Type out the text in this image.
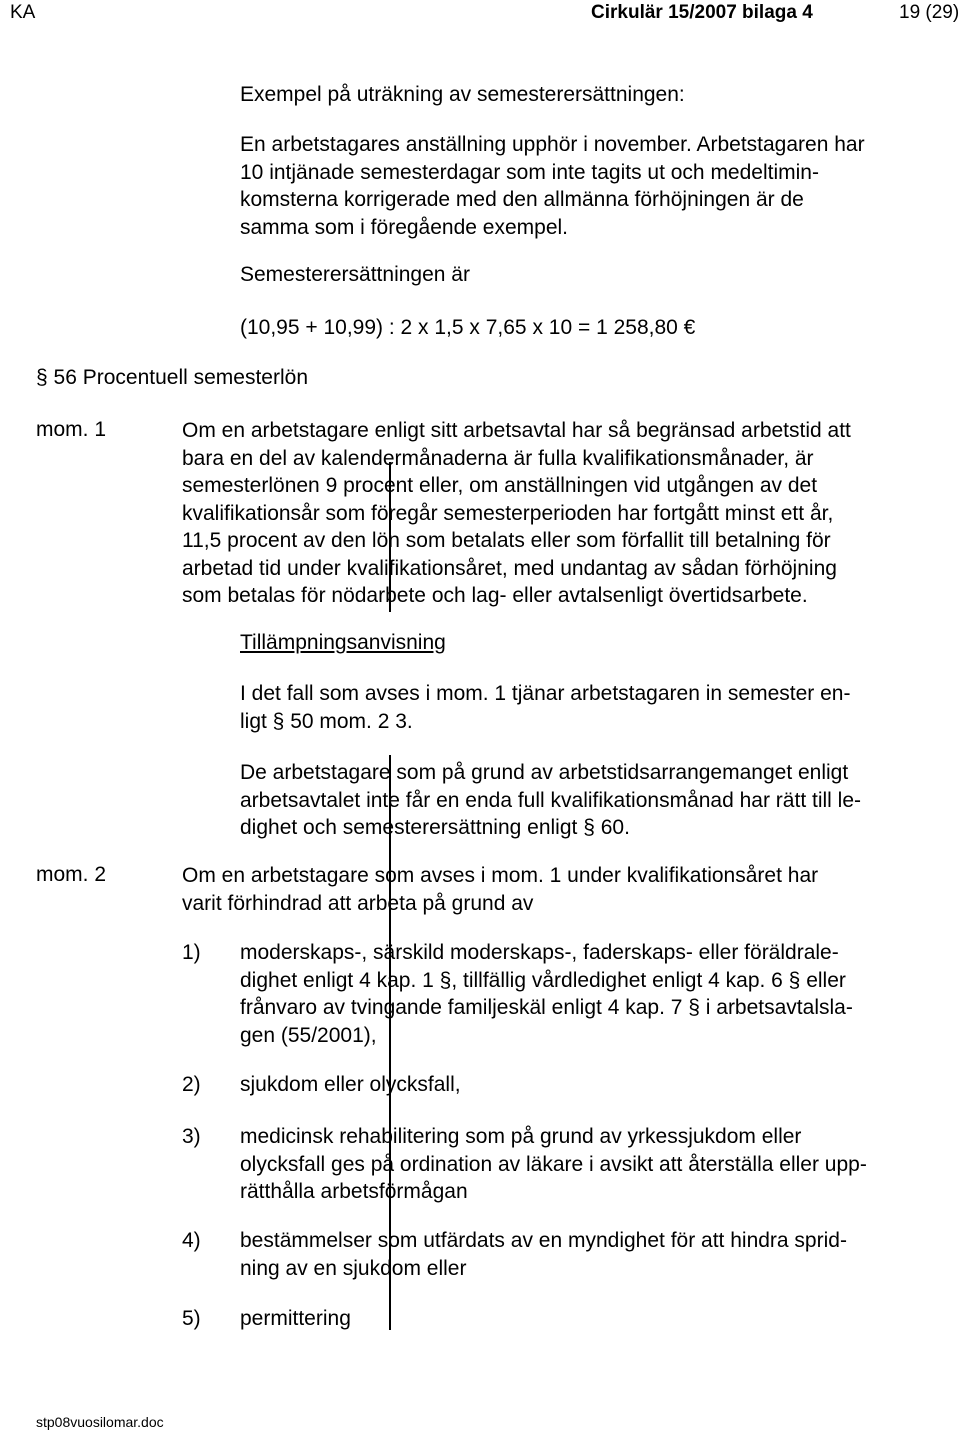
KA	Cirkulär 15/2007 bilaga 4	19 (29)
Exempel på uträkning av semesterersättningen:
En arbetstagares anställning upphör i november. Arbetstagaren har
10 intjänade semesterdagar som inte tagits ut och medeltimin-
komsterna korrigerade med den allmänna förhöjningen är de
samma som i föregående exempel.
Semesterersättningen är
(10,95 + 10,99) : 2 x 1,5 x 7,65 x 10 = 1 258,80 €
§ 56 Procentuell semesterlön
mom. 1	Om en arbetstagare enligt sitt arbetsavtal har så begränsad arbetstid att
bara en del av kalendermånaderna är fulla kvalifikationsmånader, är
semesterlönen 9 procent eller, om anställningen vid utgången av det
kvalifikationsår som föregår semesterperioden har fortgått minst ett år,
11,5 procent av den lön som betalats eller som förfallit till betalning för
arbetad tid under kvalifikationsåret, med undantag av sådan förhöjning
som betalas för nödarbete och lag- eller avtalsenligt övertidsarbete.
Tillämpningsanvisning
I det fall som avses i mom. 1 tjänar arbetstagaren in semester en-
ligt § 50 mom. 2 3.
De arbetstagare som på grund av arbetstidsarrangemanget enligt
arbetsavtalet inte får en enda full kvalifikationsmånad har rätt till le-
dighet och semesterersättning enligt § 60.
mom. 2	Om en arbetstagare som avses i mom. 1 under kvalifikationsåret har
varit förhindrad att arbeta på grund av
1) moderskaps-, särskild moderskaps-, faderskaps- eller föräldrale-
dighet enligt 4 kap. 1 §, tillfällig vårdledighet enligt 4 kap. 6 § eller
frånvaro av tvingande familjeskäl enligt 4 kap. 7 § i arbetsavtalsla-
gen (55/2001),
2) sjukdom eller olycksfall,
3) medicinsk rehabilitering som på grund av yrkessjukdom eller
olycksfall ges på ordination av läkare i avsikt att återställa eller upp-
rätthålla arbetsförmågan
4) bestämmelser som utfärdats av en myndighet för att hindra sprid-
ning av en sjukdom eller
5) permittering
stp08vuosilomar.doc
